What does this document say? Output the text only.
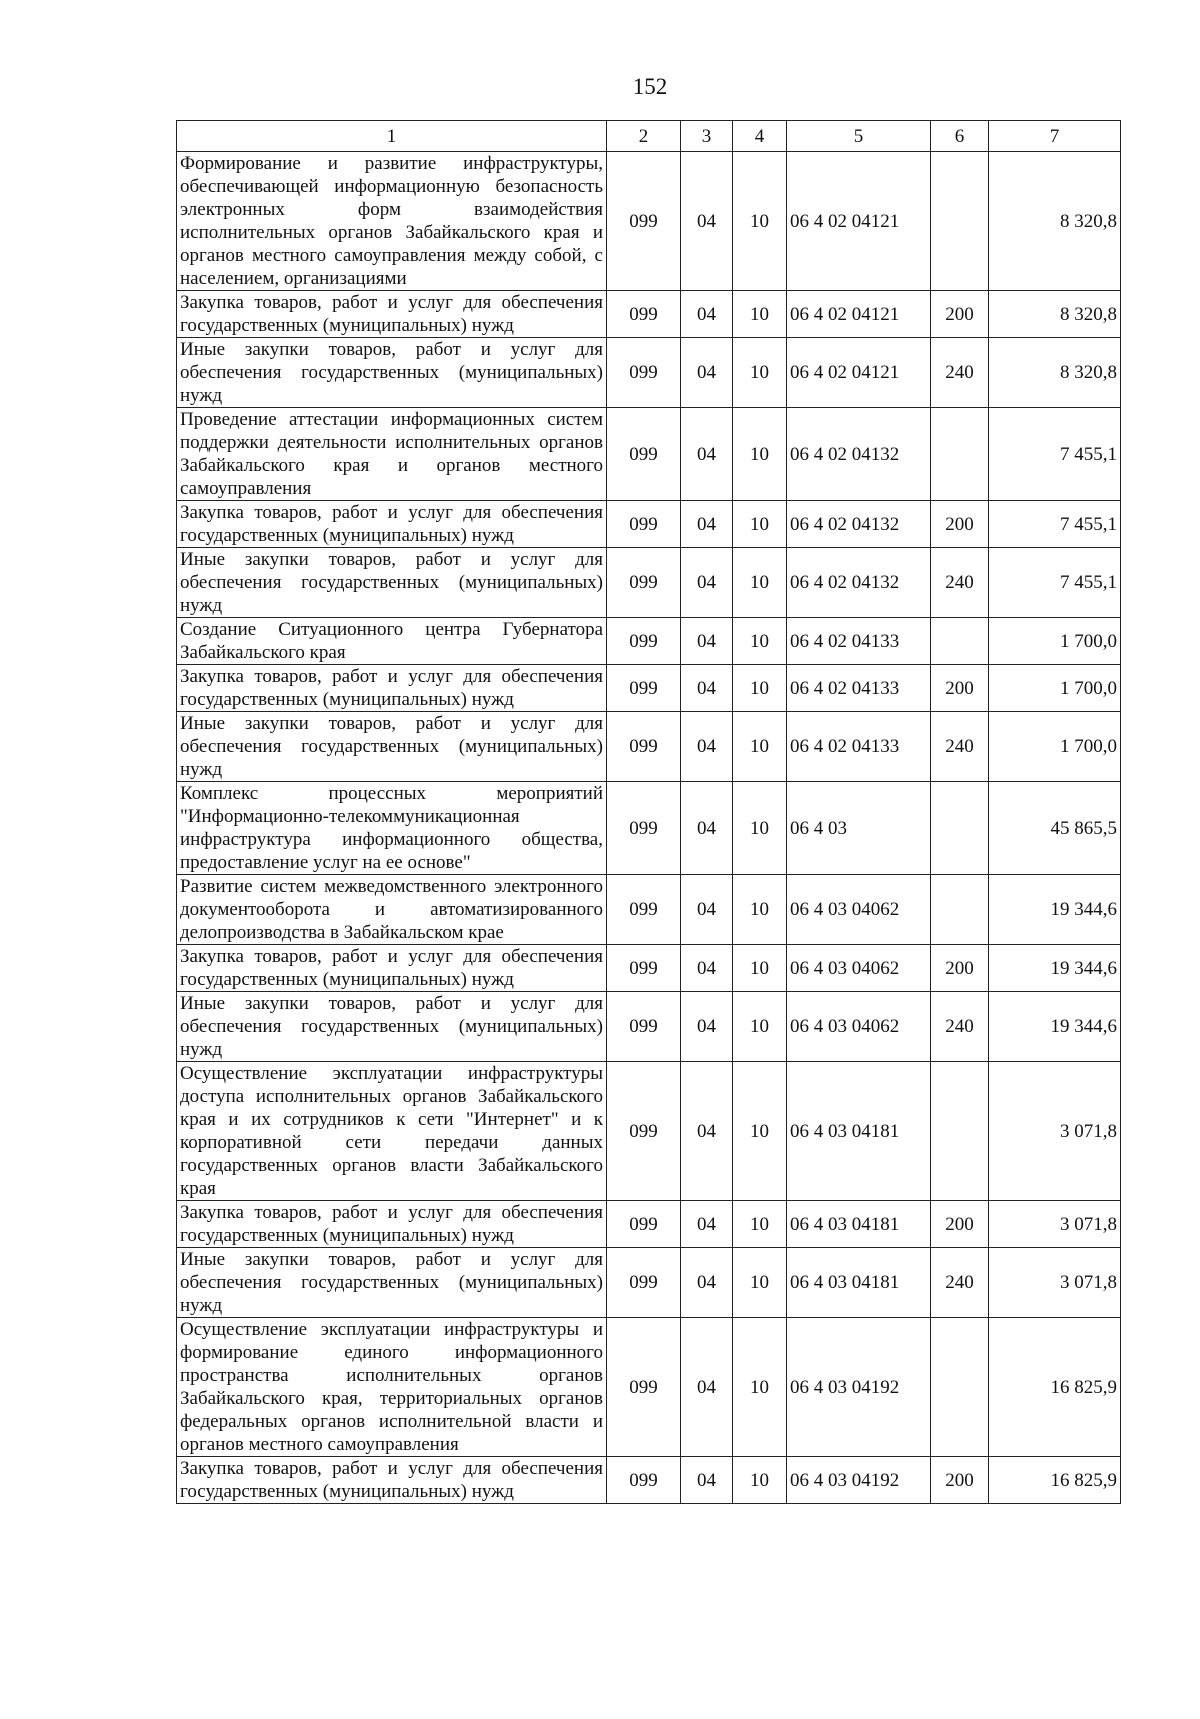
152
1	2	3	4	5	6	7
Формирование и развитие инфраструктуры, обеспечивающей информационную безопасность электронных форм взаимодействия исполнительных органов Забайкальского края и органов местного самоуправления между собой, с населением, организациями	099	04	10	06 4 02 04121		8 320,8
Закупка товаров, работ и услуг для обеспечения государственных (муниципальных) нужд	099	04	10	06 4 02 04121	200	8 320,8
Иные закупки товаров, работ и услуг для обеспечения государственных (муниципальных) нужд	099	04	10	06 4 02 04121	240	8 320,8
Проведение аттестации информационных систем поддержки деятельности исполнительных органов Забайкальского края и органов местного самоуправления	099	04	10	06 4 02 04132		7 455,1
Закупка товаров, работ и услуг для обеспечения государственных (муниципальных) нужд	099	04	10	06 4 02 04132	200	7 455,1
Иные закупки товаров, работ и услуг для обеспечения государственных (муниципальных) нужд	099	04	10	06 4 02 04132	240	7 455,1
Создание Ситуационного центра Губернатора Забайкальского края	099	04	10	06 4 02 04133		1 700,0
Закупка товаров, работ и услуг для обеспечения государственных (муниципальных) нужд	099	04	10	06 4 02 04133	200	1 700,0
Иные закупки товаров, работ и услуг для обеспечения государственных (муниципальных) нужд	099	04	10	06 4 02 04133	240	1 700,0
Комплекс процессных мероприятий "Информационно-телекоммуникационная инфраструктура информационного общества, предоставление услуг на ее основе"	099	04	10	06 4 03		45 865,5
Развитие систем межведомственного электронного документооборота и автоматизированного делопроизводства в Забайкальском крае	099	04	10	06 4 03 04062		19 344,6
Закупка товаров, работ и услуг для обеспечения государственных (муниципальных) нужд	099	04	10	06 4 03 04062	200	19 344,6
Иные закупки товаров, работ и услуг для обеспечения государственных (муниципальных) нужд	099	04	10	06 4 03 04062	240	19 344,6
Осуществление эксплуатации инфраструктуры доступа исполнительных органов Забайкальского края и их сотрудников к сети "Интернет" и к корпоративной сети передачи данных государственных органов власти Забайкальского края	099	04	10	06 4 03 04181		3 071,8
Закупка товаров, работ и услуг для обеспечения государственных (муниципальных) нужд	099	04	10	06 4 03 04181	200	3 071,8
Иные закупки товаров, работ и услуг для обеспечения государственных (муниципальных) нужд	099	04	10	06 4 03 04181	240	3 071,8
Осуществление эксплуатации инфраструктуры и формирование единого информационного пространства исполнительных органов Забайкальского края, территориальных органов федеральных органов исполнительной власти и органов местного самоуправления	099	04	10	06 4 03 04192		16 825,9
Закупка товаров, работ и услуг для обеспечения государственных (муниципальных) нужд	099	04	10	06 4 03 04192	200	16 825,9
